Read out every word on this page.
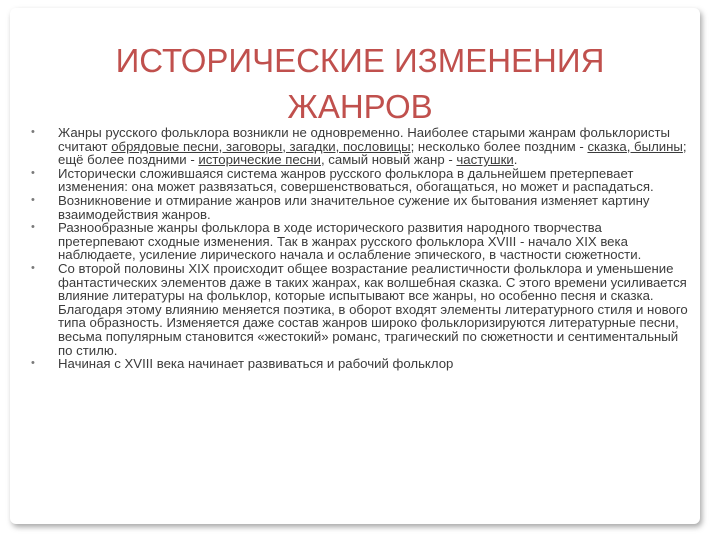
ИСТОРИЧЕСКИЕ ИЗМЕНЕНИЯ
ЖАНРОВ
• Жанры русского фольклора возникли не одновременно. Наиболее старыми жанрам фольклористы считают обрядовые песни, заговоры, загадки, пословицы; несколько более поздним - сказка, былины; ещё более поздними - исторические песни, самый новый жанр - частушки.
• Исторически сложившаяся система жанров русского фольклора в дальнейшем претерпевает изменения: она может развязаться, совершенствоваться, обогащаться, но может и распадаться.
• Возникновение и отмирание жанров или значительное сужение их бытования изменяет картину взаимодействия жанров.
• Разнообразные жанры фольклора в ходе исторического развития народного творчества претерпевают сходные изменения. Так в жанрах русского фольклора XVIII - начало XIX века наблюдаете, усиление лирического начала и ослабление эпического, в частности сюжетности.
• Со второй половины XIX происходит общее возрастание реалистичности фольклора и уменьшение фантастических элементов даже в таких жанрах, как волшебная сказка. С этого времени усиливается влияние литературы на фольклор, которые испытывают все жанры, но особенно песня и сказка. Благодаря этому влиянию меняется поэтика, в оборот входят элементы литературного стиля и нового типа образность. Изменяется даже состав жанров широко фольклоризируются литературные песни, весьма популярным становится «жестокий» романс, трагический по сюжетности и сентиментальный по стилю.
• Начиная с XVIII века начинает развиваться и рабочий фольклор
